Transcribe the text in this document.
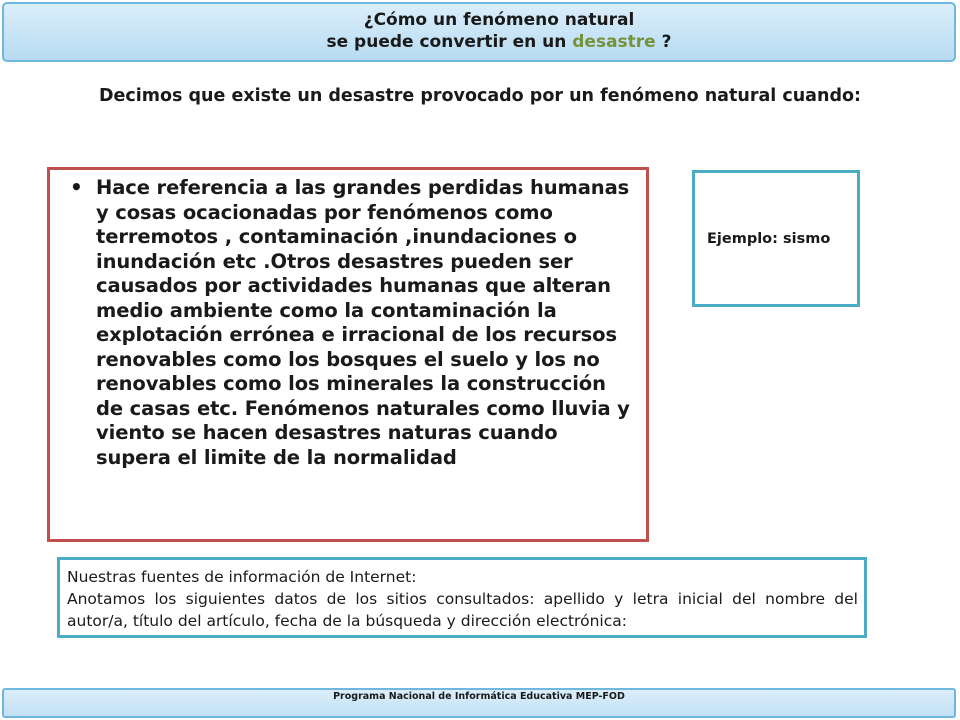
¿Cómo un fenómeno natural
se puede convertir en un desastre ?
Decimos que existe un desastre provocado por un fenómeno natural cuando:
• Hace referencia a las grandes perdidas humanas y cosas ocacionadas por fenómenos como terremotos , contaminación ,inundaciones o inundación etc .Otros desastres pueden ser causados por actividades humanas que alteran medio ambiente como la contaminación la explotación errónea e irracional de los recursos renovables como los bosques el suelo y los no renovables como los minerales la construcción de casas etc. Fenómenos naturales como lluvia y viento se hacen desastres naturas cuando supera el limite de la normalidad
Ejemplo: sismo
Nuestras fuentes de información de Internet:
Anotamos los siguientes datos de los sitios consultados: apellido y letra inicial del nombre del autor/a, título del artículo, fecha de la búsqueda y dirección electrónica:
Programa Nacional de Informática Educativa MEP-FOD
